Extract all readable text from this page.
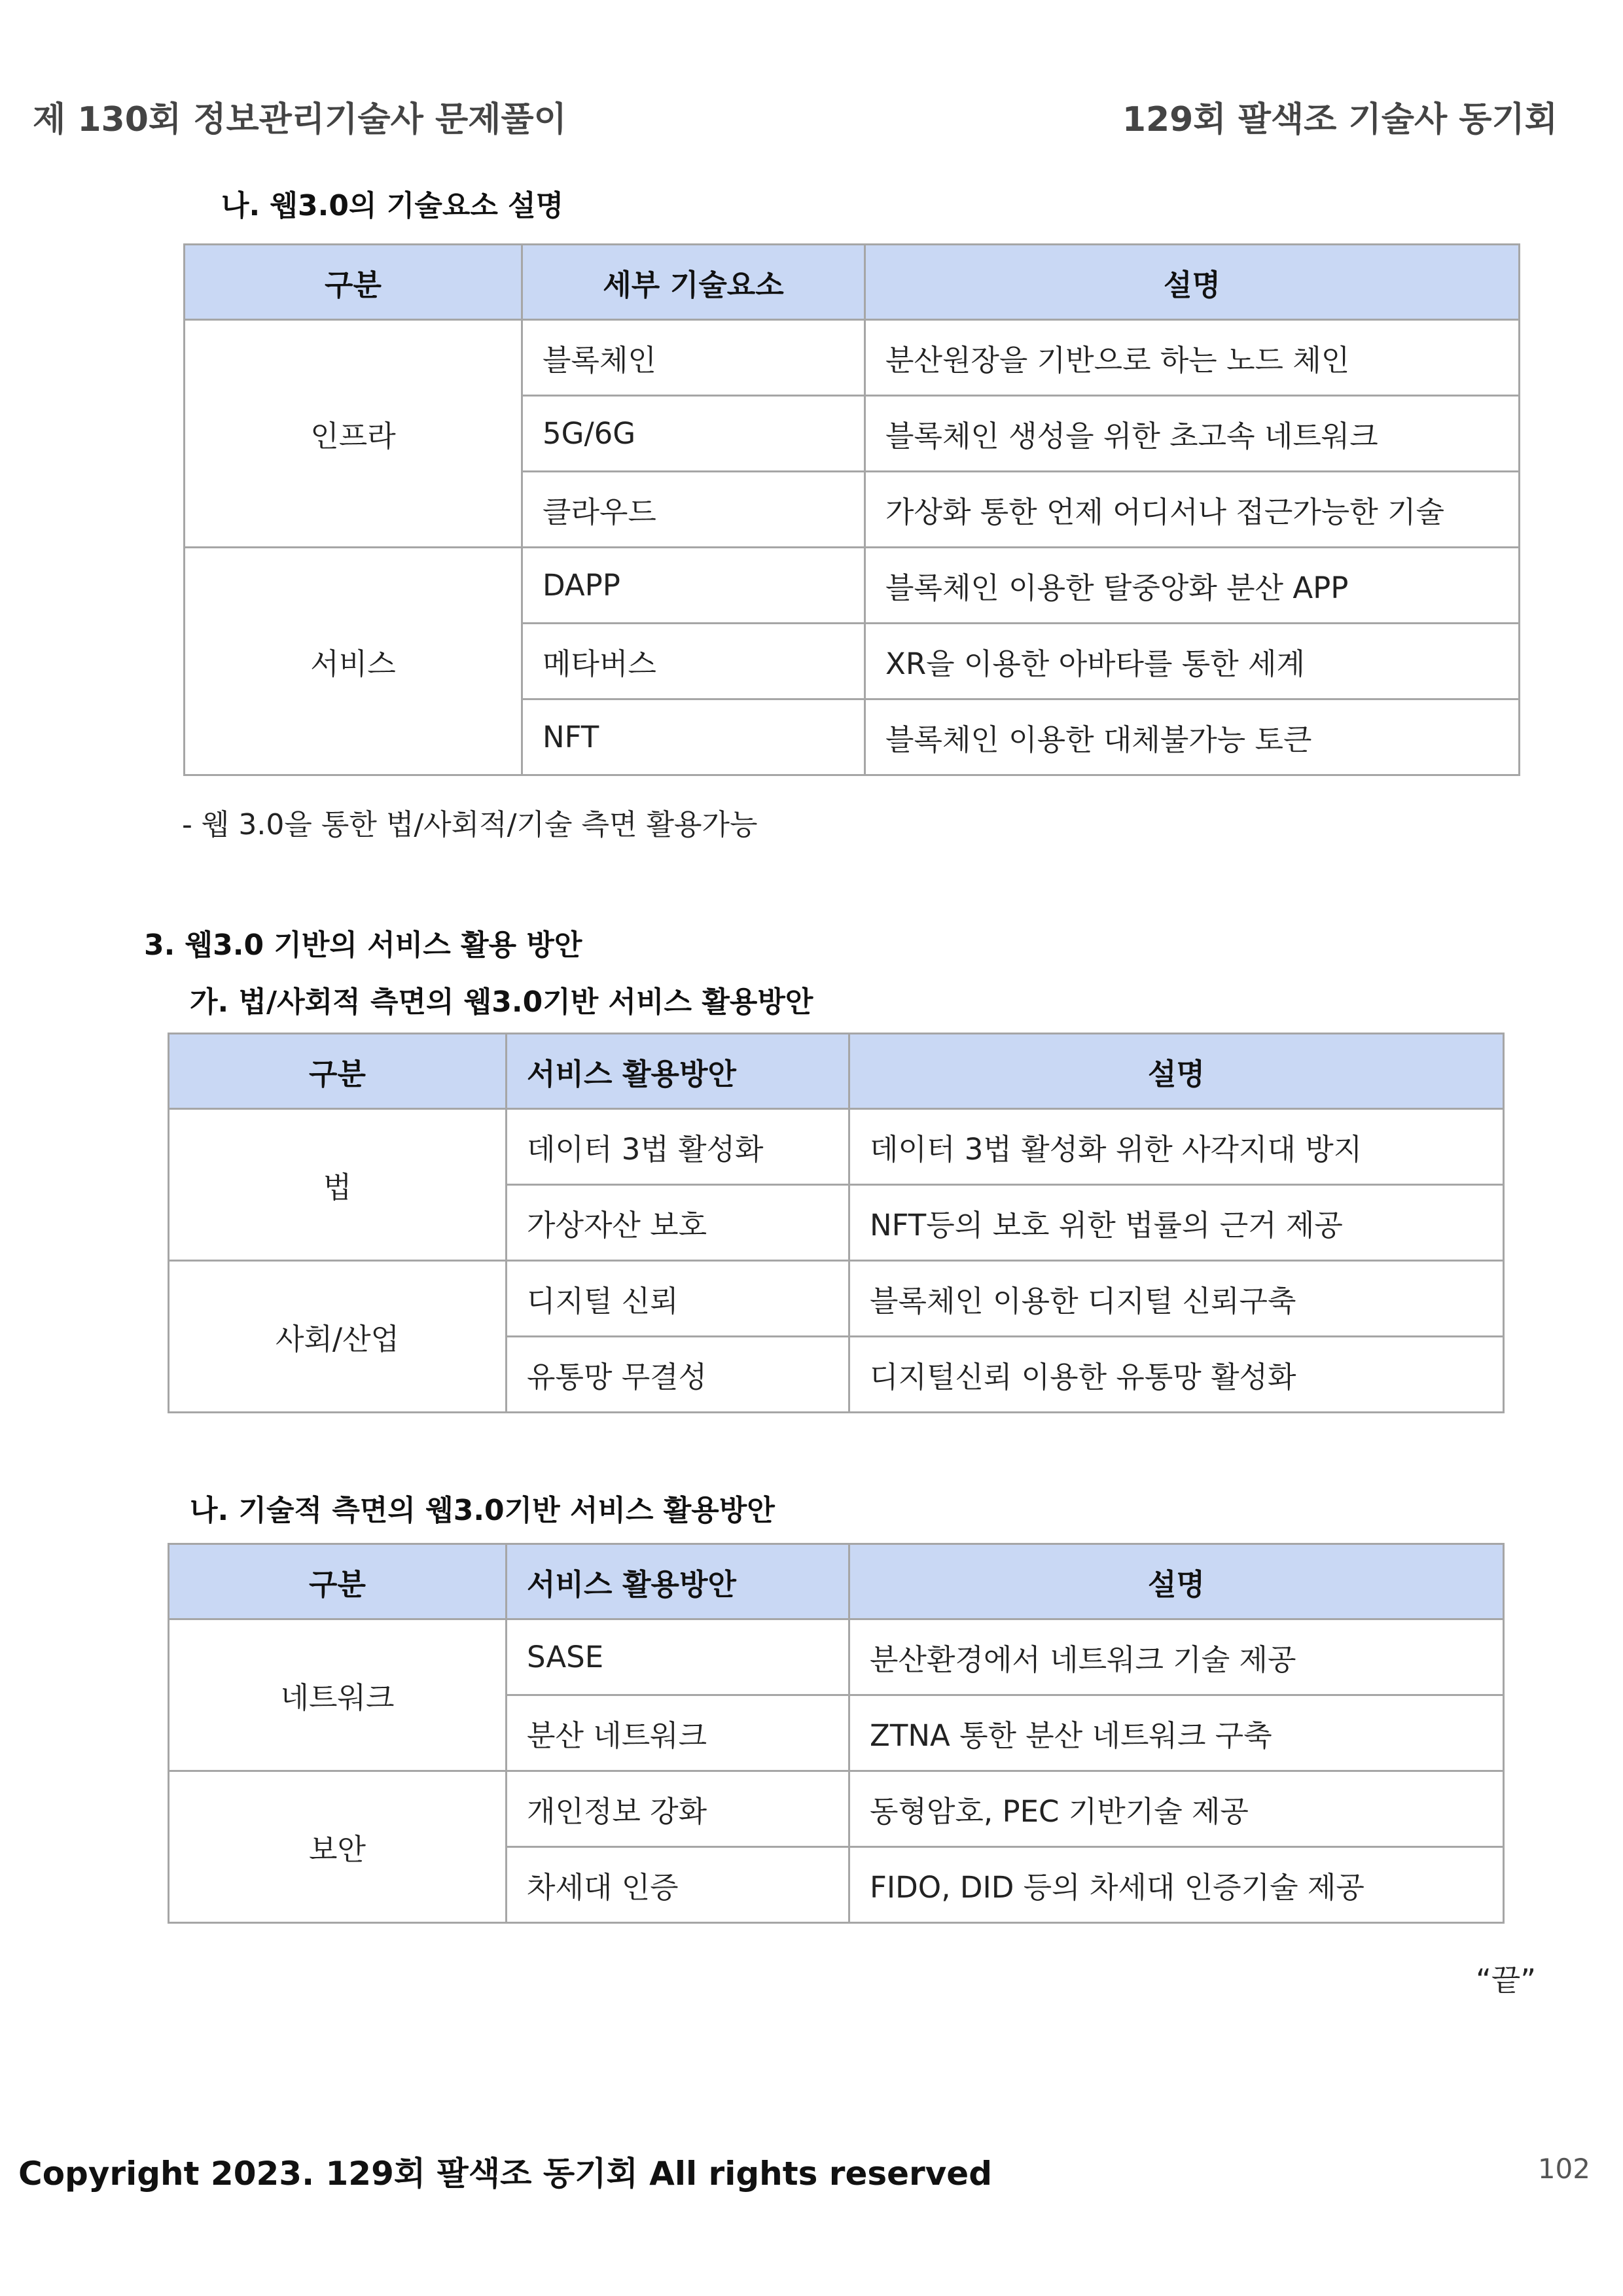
제 130회 정보관리기술사 문제풀이	129회 팔색조 기술사 동기회
나. 웹3.0의 기술요소 설명
구분	세부 기술요소	설명
인프라	블록체인	분산원장을 기반으로 하는 노드 체인
	5G/6G	블록체인 생성을 위한 초고속 네트워크
	클라우드	가상화 통한 언제 어디서나 접근가능한 기술
서비스	DAPP	블록체인 이용한 탈중앙화 분산 APP
	메타버스	XR을 이용한 아바타를 통한 세계
	NFT	블록체인 이용한 대체불가능 토큰
- 웹 3.0을 통한 법/사회적/기술 측면 활용가능
3. 웹3.0 기반의 서비스 활용 방안
가. 법/사회적 측면의 웹3.0기반 서비스 활용방안
구분	서비스 활용방안	설명
법	데이터 3법 활성화	데이터 3법 활성화 위한 사각지대 방지
	가상자산 보호	NFT등의 보호 위한 법률의 근거 제공
사회/산업	디지털 신뢰	블록체인 이용한 디지털 신뢰구축
	유통망 무결성	디지털신뢰 이용한 유통망 활성화
나. 기술적 측면의 웹3.0기반 서비스 활용방안
구분	서비스 활용방안	설명
네트워크	SASE	분산환경에서 네트워크 기술 제공
	분산 네트워크	ZTNA 통한 분산 네트워크 구축
보안	개인정보 강화	동형암호, PEC 기반기술 제공
	차세대 인증	FIDO, DID 등의 차세대 인증기술 제공
“끝”
Copyright 2023. 129회 팔색조 동기회 All rights reserved	102
